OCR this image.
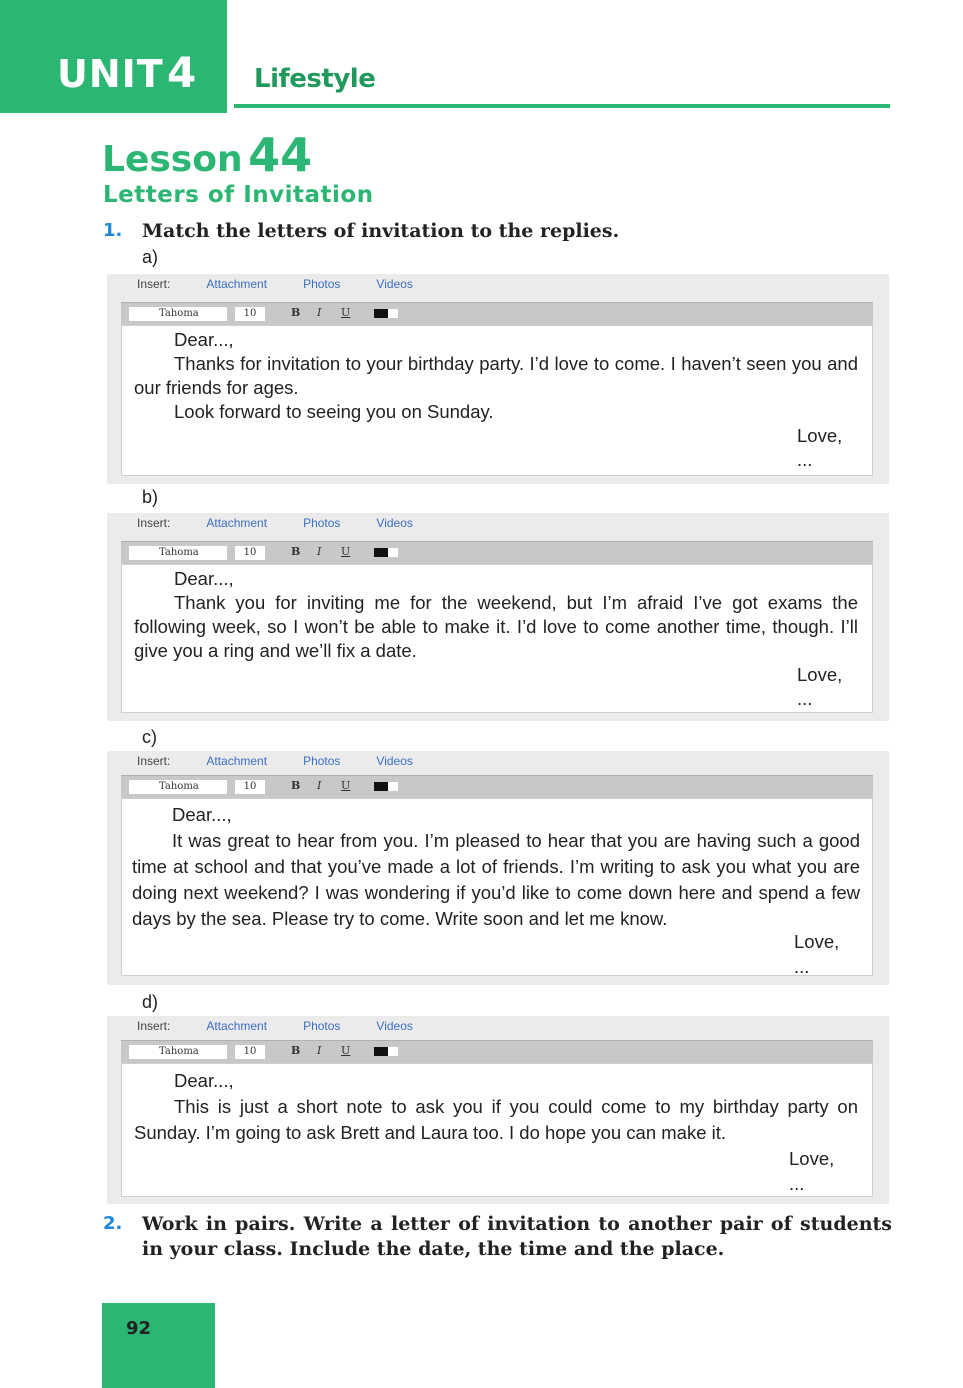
UNIT 4 Lifestyle
Lesson 44
Letters of Invitation
1. Match the letters of invitation to the replies.
a)
Insert:	Attachment	Photos	Videos
Tahoma	10	B I U
Dear...,
Thanks for invitation to your birthday party. I’d love to come. I haven’t seen you and our friends for ages.
Look forward to seeing you on Sunday.
Love,
...
b)
Insert:	Attachment	Photos	Videos
Tahoma	10	B I U
Dear...,
Thank you for inviting me for the weekend, but I’m afraid I’ve got exams the following week, so I won’t be able to make it. I’d love to come another time, though. I’ll give you a ring and we’ll fix a date.
Love,
...
c)
Insert:	Attachment	Photos	Videos
Tahoma	10	B I U
Dear...,
It was great to hear from you. I’m pleased to hear that you are having such a good time at school and that you’ve made a lot of friends. I’m writing to ask you what you are doing next weekend? I was wondering if you’d like to come down here and spend a few days by the sea. Please try to come. Write soon and let me know.
Love,
...
d)
Insert:	Attachment	Photos	Videos
Tahoma	10	B I U
Dear...,
This is just a short note to ask you if you could come to my birthday party on Sunday. I’m going to ask Brett and Laura too. I do hope you can make it.
Love,
...
2. Work in pairs. Write a letter of invitation to another pair of students in your class. Include the date, the time and the place.
92
